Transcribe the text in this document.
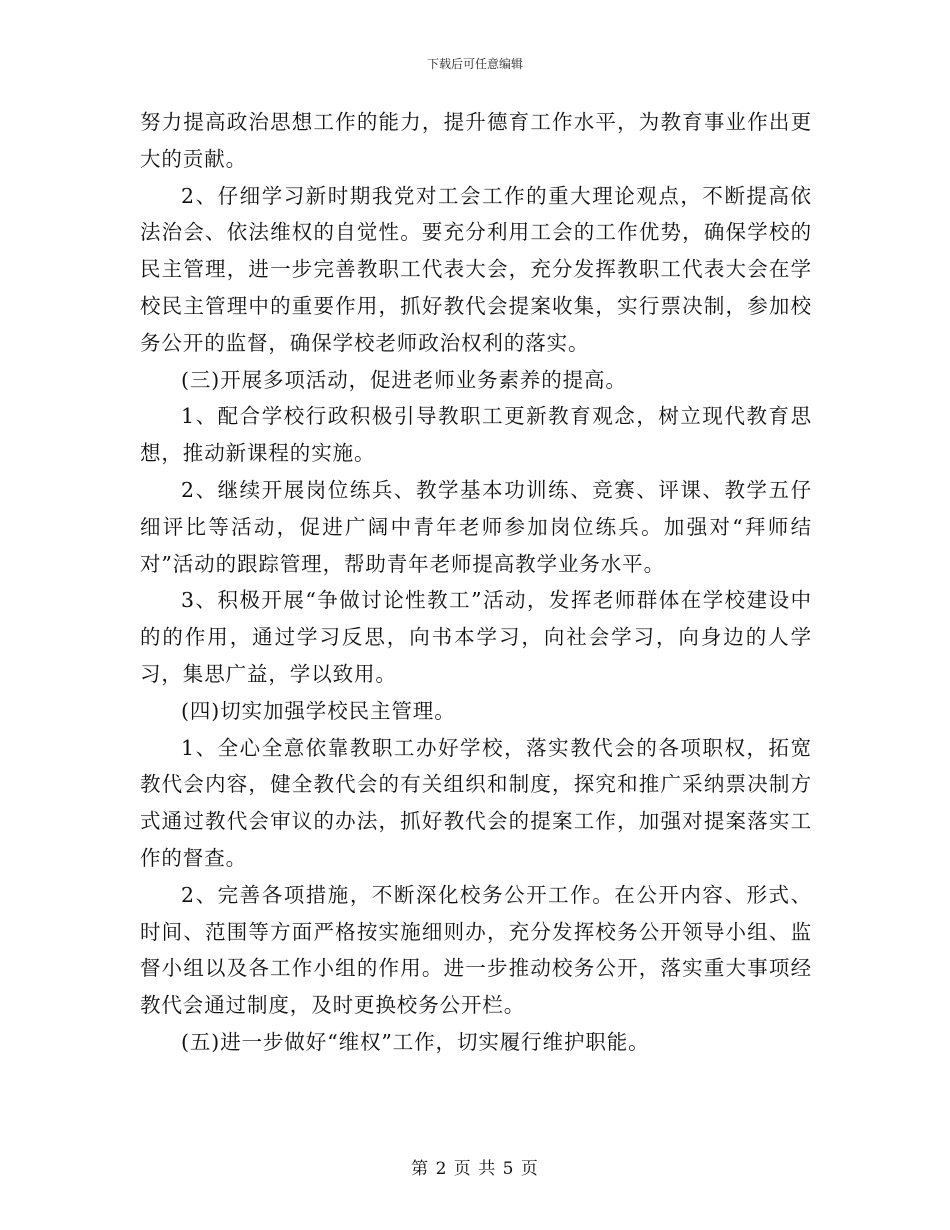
下载后可任意编辑

努力提高政治思想工作的能力，提升德育工作水平，为教育事业作出更大的贡献。

2、仔细学习新时期我党对工会工作的重大理论观点，不断提高依法治会、依法维权的自觉性。要充分利用工会的工作优势，确保学校的民主管理，进一步完善教职工代表大会，充分发挥教职工代表大会在学校民主管理中的重要作用，抓好教代会提案收集，实行票决制，参加校务公开的监督，确保学校老师政治权利的落实。

(三)开展多项活动，促进老师业务素养的提高。

1、配合学校行政积极引导教职工更新教育观念，树立现代教育思想，推动新课程的实施。

2、继续开展岗位练兵、教学基本功训练、竞赛、评课、教学五仔细评比等活动，促进广阔中青年老师参加岗位练兵。加强对“拜师结对”活动的跟踪管理，帮助青年老师提高教学业务水平。

3、积极开展“争做讨论性教工”活动，发挥老师群体在学校建设中的的作用，通过学习反思，向书本学习，向社会学习，向身边的人学习，集思广益，学以致用。

(四)切实加强学校民主管理。

1、全心全意依靠教职工办好学校，落实教代会的各项职权，拓宽教代会内容，健全教代会的有关组织和制度，探究和推广采纳票决制方式通过教代会审议的办法，抓好教代会的提案工作，加强对提案落实工作的督查。

2、完善各项措施，不断深化校务公开工作。在公开内容、形式、时间、范围等方面严格按实施细则办，充分发挥校务公开领导小组、监督小组以及各工作小组的作用。进一步推动校务公开，落实重大事项经教代会通过制度，及时更换校务公开栏。

(五)进一步做好“维权”工作，切实履行维护职能。

第 2 页 共 5 页
